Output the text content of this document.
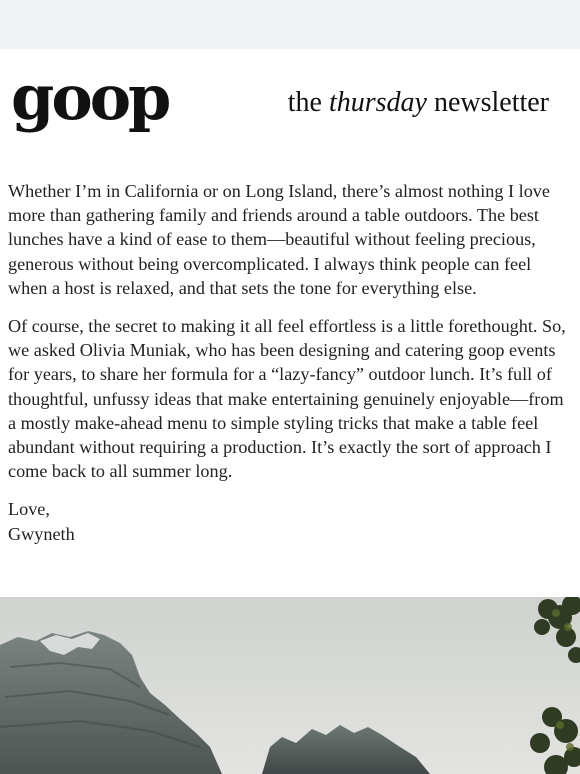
goop	the thursday newsletter

Whether I’m in California or on Long Island, there’s almost nothing I love more than gathering family and friends around a table outdoors. The best lunches have a kind of ease to them—beautiful without feeling precious, generous without being overcomplicated. I always think people can feel when a host is relaxed, and that sets the tone for everything else.

Of course, the secret to making it all feel effortless is a little forethought. So, we asked Olivia Muniak, who has been designing and catering goop events for years, to share her formula for a “lazy-fancy” outdoor lunch. It’s full of thoughtful, unfussy ideas that make entertaining genuinely enjoyable—from a mostly make-ahead menu to simple styling tricks that make a table feel abundant without requiring a production. It’s exactly the sort of approach I come back to all summer long.

Love,
Gwyneth
